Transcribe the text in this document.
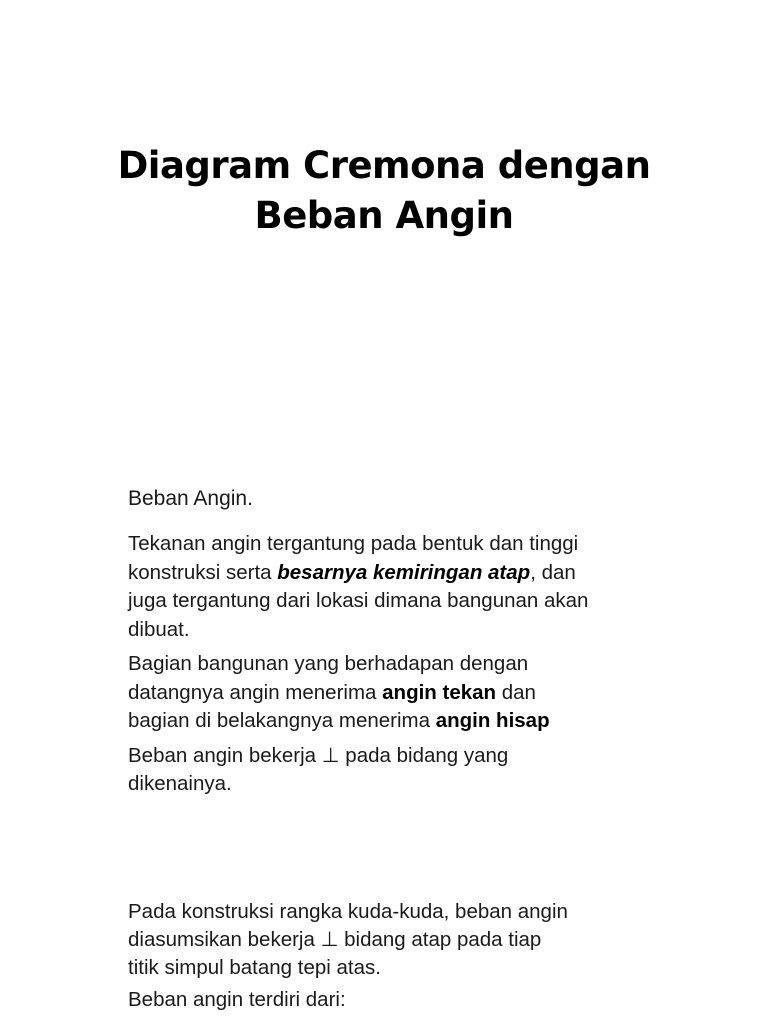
Diagram Cremona dengan
Beban Angin
Beban Angin.

Tekanan angin tergantung pada bentuk dan tinggi konstruksi serta besarnya kemiringan atap, dan juga tergantung dari lokasi dimana bangunan akan dibuat.

Bagian bangunan yang berhadapan dengan datangnya angin menerima angin tekan dan bagian di belakangnya menerima angin hisap

Beban angin bekerja ⊥ pada bidang yang dikenainya.

Pada konstruksi rangka kuda-kuda, beban angin diasumsikan bekerja ⊥ bidang atap pada tiap titik simpul batang tepi atas.

Beban angin terdiri dari:
